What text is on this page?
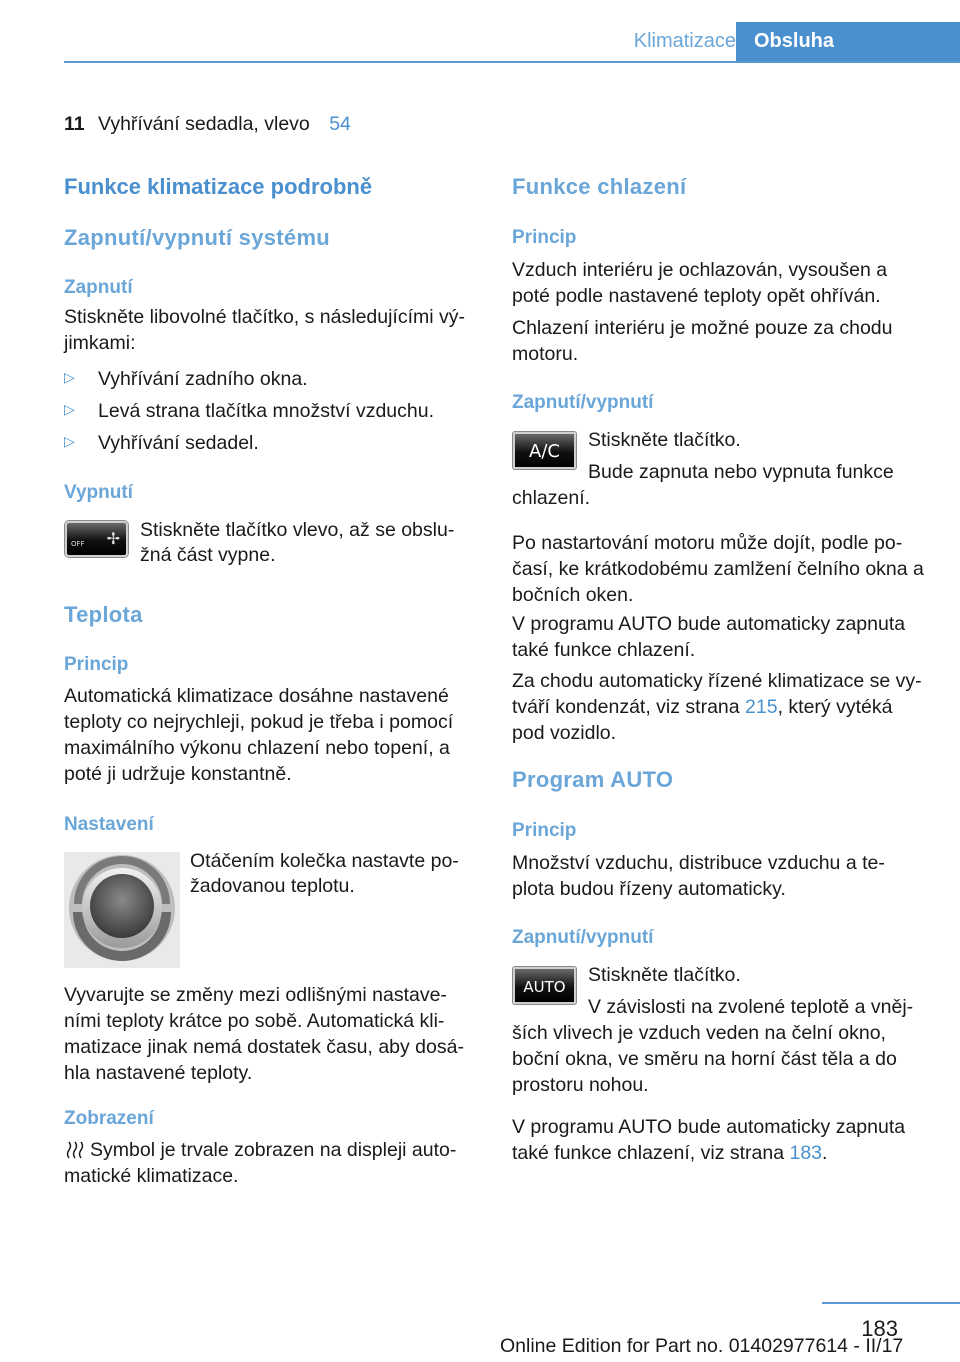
Klimatizace Obsluha
11 Vyhřívání sedadla, vlevo 54
Funkce klimatizace podrobně
Zapnutí/vypnutí systému
Zapnutí
Stiskněte libovolné tlačítko, s následujícími vý‐
jimkami:
▷ Vyhřívání zadního okna.
▷ Levá strana tlačítka množství vzduchu.
▷ Vyhřívání sedadel.
Vypnutí
OFF ✢ Stiskněte tlačítko vlevo, až se obslu‐
žná část vypne.
Teplota
Princip
Automatická klimatizace dosáhne nastavené
teploty co nejrychleji, pokud je třeba i pomocí
maximálního výkonu chlazení nebo topení, a
poté ji udržuje konstantně.
Nastavení
Otáčením kolečka nastavte po‐
žadovanou teplotu.
Vyvarujte se změny mezi odlišnými nastave‐
ními teploty krátce po sobě. Automatická kli‐
matizace jinak nemá dostatek času, aby dosá‐
hla nastavené teploty.
Zobrazení
Symbol je trvale zobrazen na displeji auto‐
matické klimatizace.
Funkce chlazení
Princip
Vzduch interiéru je ochlazován, vysoušen a
poté podle nastavené teploty opět ohříván.
Chlazení interiéru je možné pouze za chodu
motoru.
Zapnutí/vypnutí
A/C
Stiskněte tlačítko.
Bude zapnuta nebo vypnuta funkce
chlazení.
Po nastartování motoru může dojít, podle po‐
časí, ke krátkodobému zamlžení čelního okna a
bočních oken.
V programu AUTO bude automaticky zapnuta
také funkce chlazení.
Za chodu automaticky řízené klimatizace se vy‐
tváří kondenzát, viz strana 215, který vytéká
pod vozidlo.
Program AUTO
Princip
Množství vzduchu, distribuce vzduchu a te‐
plota budou řízeny automaticky.
Zapnutí/vypnutí
AUTO
Stiskněte tlačítko.
V závislosti na zvolené teplotě a vněj‐
ších vlivech je vzduch veden na čelní okno,
boční okna, ve směru na horní část těla a do
prostoru nohou.
V programu AUTO bude automaticky zapnuta
také funkce chlazení, viz strana 183.
183
Online Edition for Part no. 01402977614 - II/17
